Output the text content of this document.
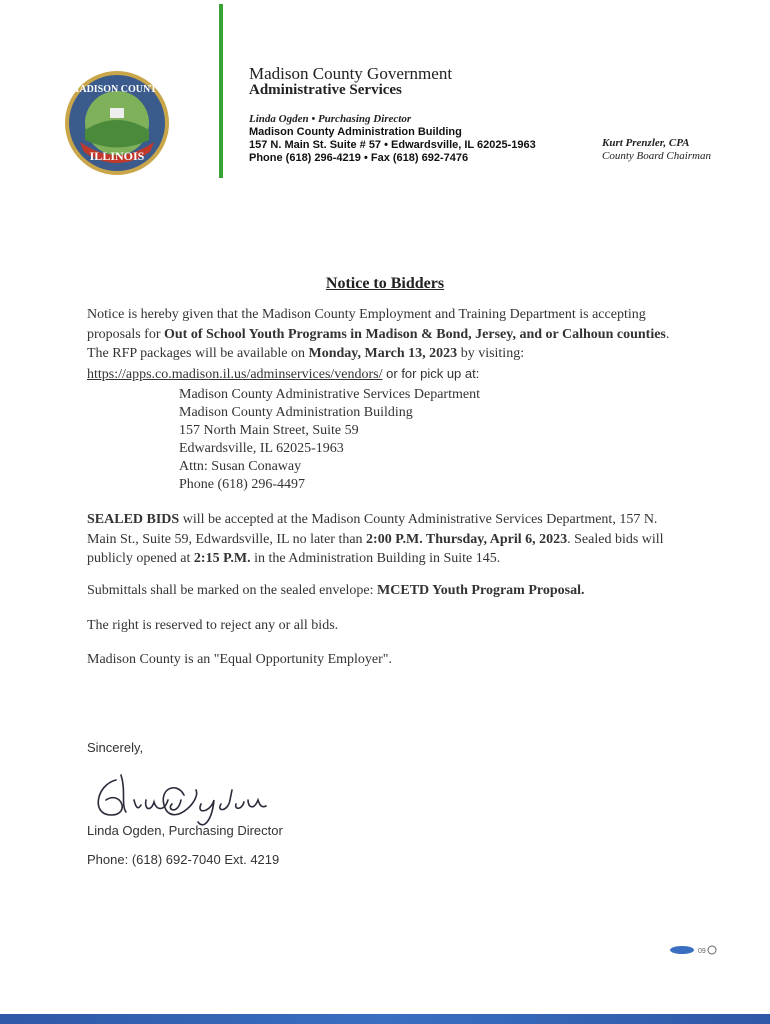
MADISON COUNTY
ILLINOIS
Madison County Government
Administrative Services
Linda Ogden • Purchasing Director
Madison County Administration Building
157 N. Main St. Suite # 57 • Edwardsville, IL 62025-1963
Phone (618) 296-4219 • Fax (618) 692-7476
Kurt Prenzler, CPA
County Board Chairman
Notice to Bidders

Notice is hereby given that the Madison County Employment and Training Department is accepting proposals for Out of School Youth Programs in Madison & Bond, Jersey, and or Calhoun counties. The RFP packages will be available on Monday, March 13, 2023 by visiting:
https://apps.co.madison.il.us/adminservices/vendors/ or for pick up at:

Madison County Administrative Services Department
Madison County Administration Building
157 North Main Street, Suite 59
Edwardsville, IL 62025-1963
Attn: Susan Conaway
Phone (618) 296-4497

SEALED BIDS will be accepted at the Madison County Administrative Services Department, 157 N. Main St., Suite 59, Edwardsville, IL no later than 2:00 P.M. Thursday, April 6, 2023. Sealed bids will publicly opened at 2:15 P.M. in the Administration Building in Suite 145.

Submittals shall be marked on the sealed envelope: MCETD Youth Program Proposal.

The right is reserved to reject any or all bids.
Madison County is an "Equal Opportunity Employer".
Sincerely,
Linda Ogden, Purchasing Director
Phone: (618) 692-7040 Ext. 4219
09
